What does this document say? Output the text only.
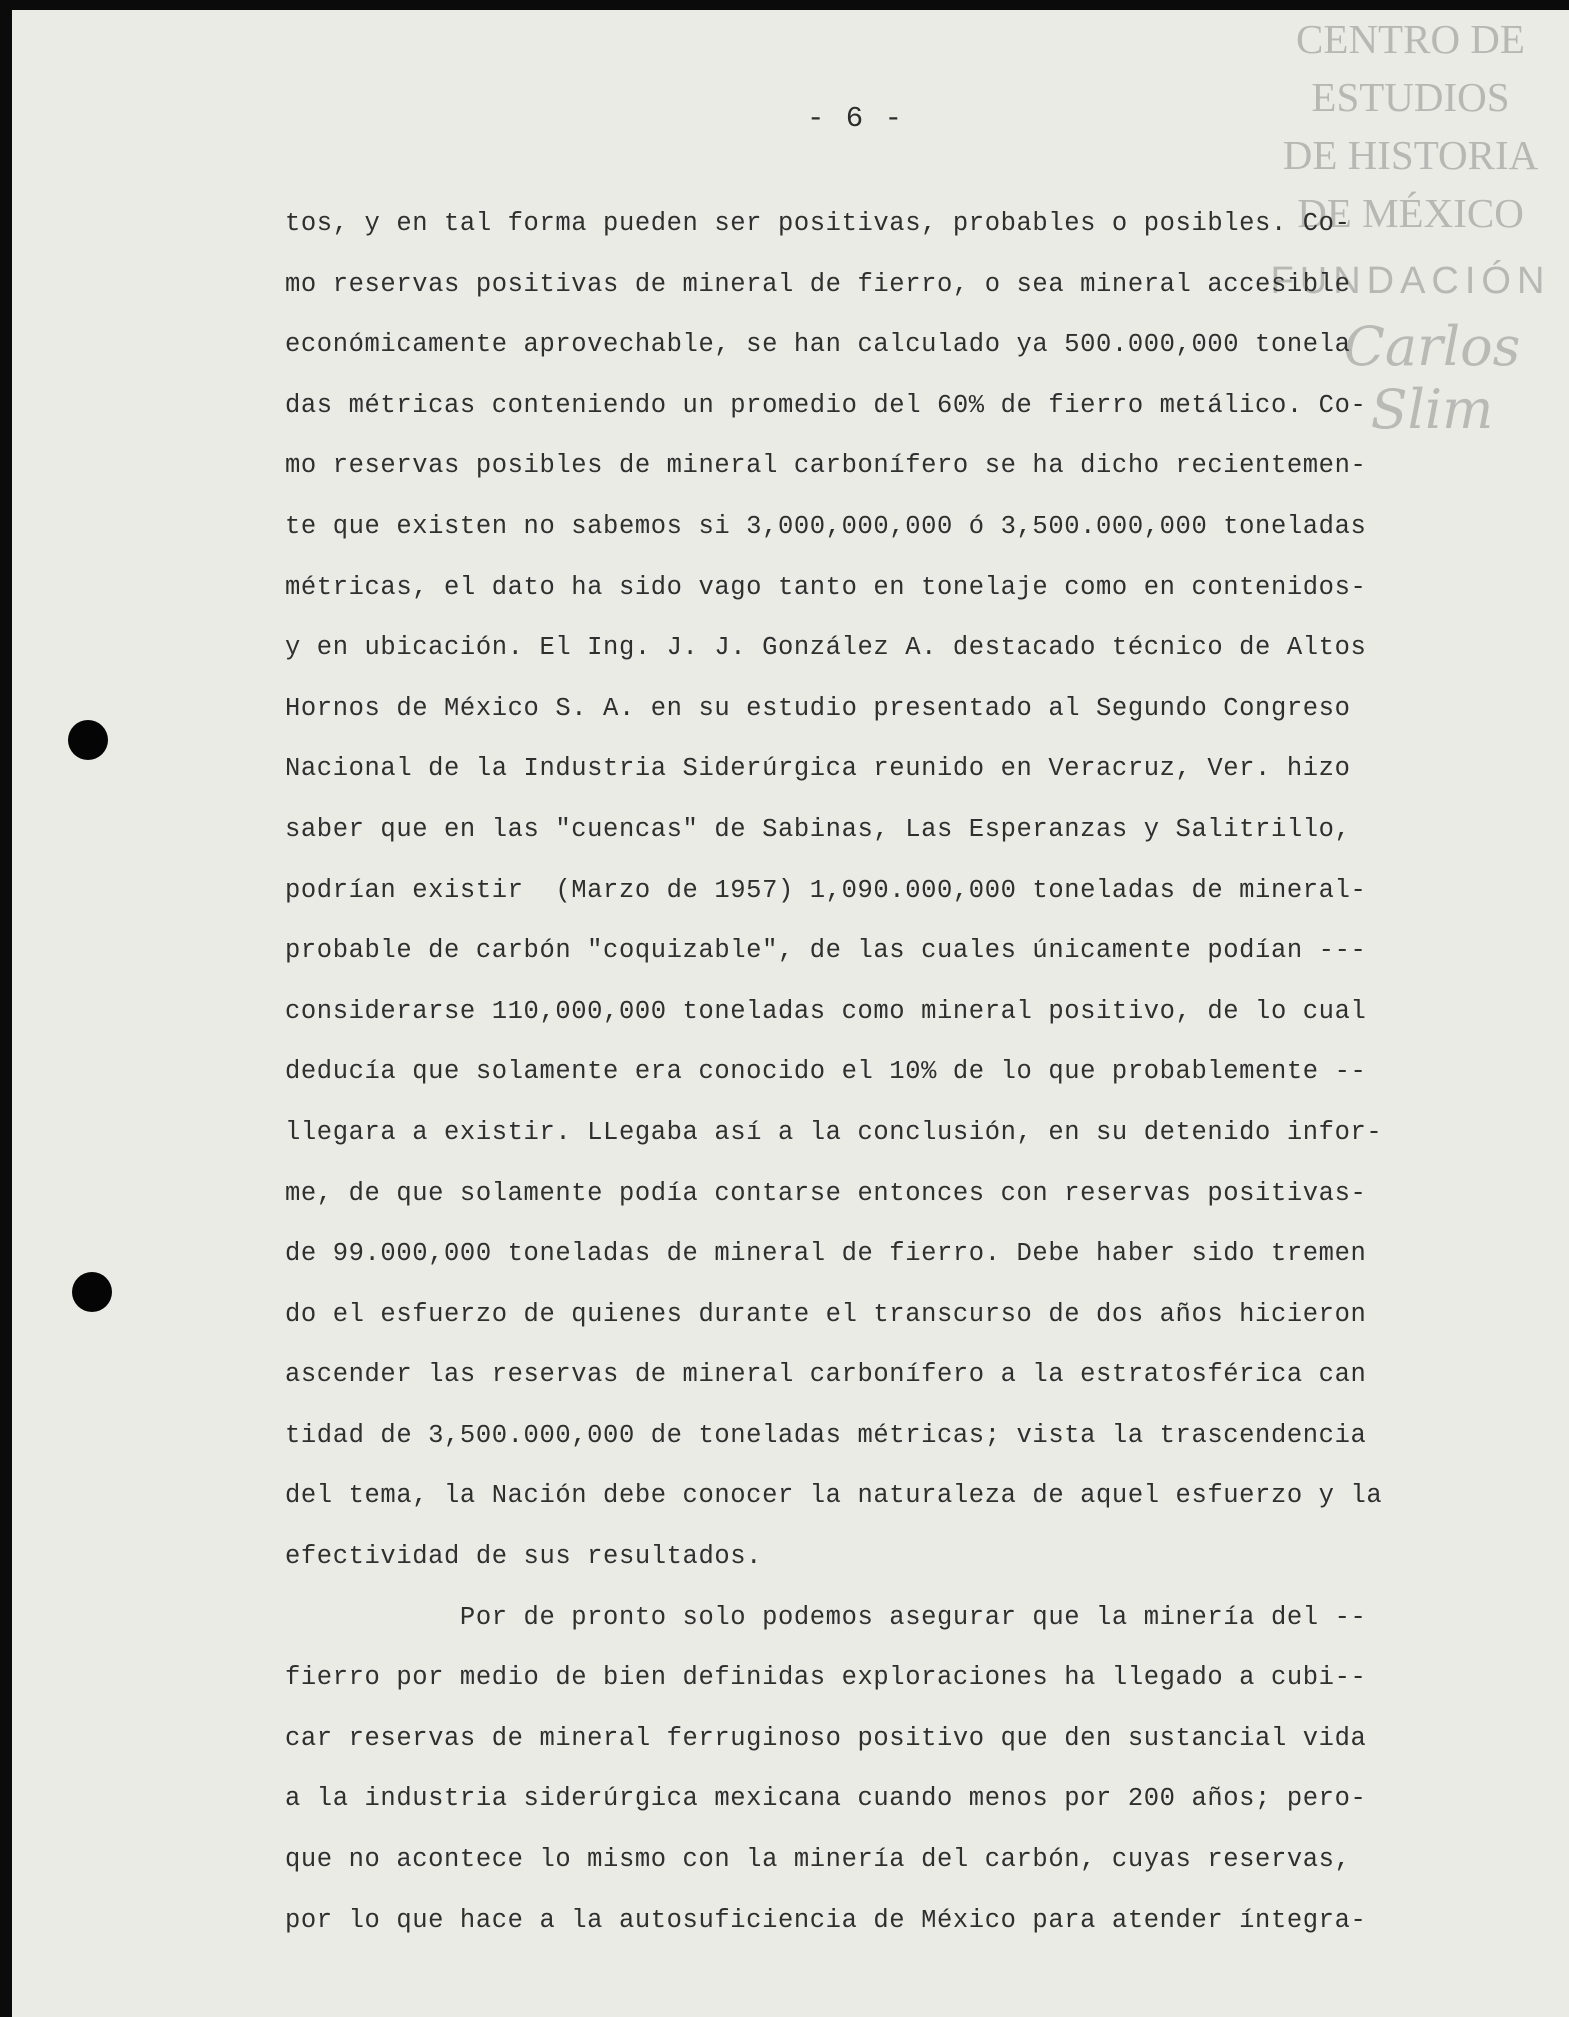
- 6 -
CENTRO DE
ESTUDIOS
DE HISTORIA
DE MÉXICO
FUNDACIÓN
Carlos Slim
tos, y en tal forma pueden ser positivas, probables o posibles. Co-
mo reservas positivas de mineral de fierro, o sea mineral accesible
económicamente aprovechable, se han calculado ya 500.000,000 tonela
das métricas conteniendo un promedio del 60% de fierro metálico. Co-
mo reservas posibles de mineral carbonífero se ha dicho recientemen-
te que existen no sabemos si 3,000,000,000 ó 3,500.000,000 toneladas
métricas, el dato ha sido vago tanto en tonelaje como en contenidos-
y en ubicación. El Ing. J. J. González A. destacado técnico de Altos
Hornos de México S. A. en su estudio presentado al Segundo Congreso
Nacional de la Industria Siderúrgica reunido en Veracruz, Ver. hizo
saber que en las "cuencas" de Sabinas, Las Esperanzas y Salitrillo,
podrían existir  (Marzo de 1957) 1,090.000,000 toneladas de mineral-
probable de carbón "coquizable", de las cuales únicamente podían ---
considerarse 110,000,000 toneladas como mineral positivo, de lo cual
deducía que solamente era conocido el 10% de lo que probablemente --
llegara a existir. LLegaba así a la conclusión, en su detenido infor-
me, de que solamente podía contarse entonces con reservas positivas-
de 99.000,000 toneladas de mineral de fierro. Debe haber sido tremen
do el esfuerzo de quienes durante el transcurso de dos años hicieron
ascender las reservas de mineral carbonífero a la estratosférica can
tidad de 3,500.000,000 de toneladas métricas; vista la trascendencia
del tema, la Nación debe conocer la naturaleza de aquel esfuerzo y la
efectividad de sus resultados.
Por de pronto solo podemos asegurar que la minería del --
fierro por medio de bien definidas exploraciones ha llegado a cubi--
car reservas de mineral ferruginoso positivo que den sustancial vida
a la industria siderúrgica mexicana cuando menos por 200 años; pero-
que no acontece lo mismo con la minería del carbón, cuyas reservas,
por lo que hace a la autosuficiencia de México para atender íntegra-
